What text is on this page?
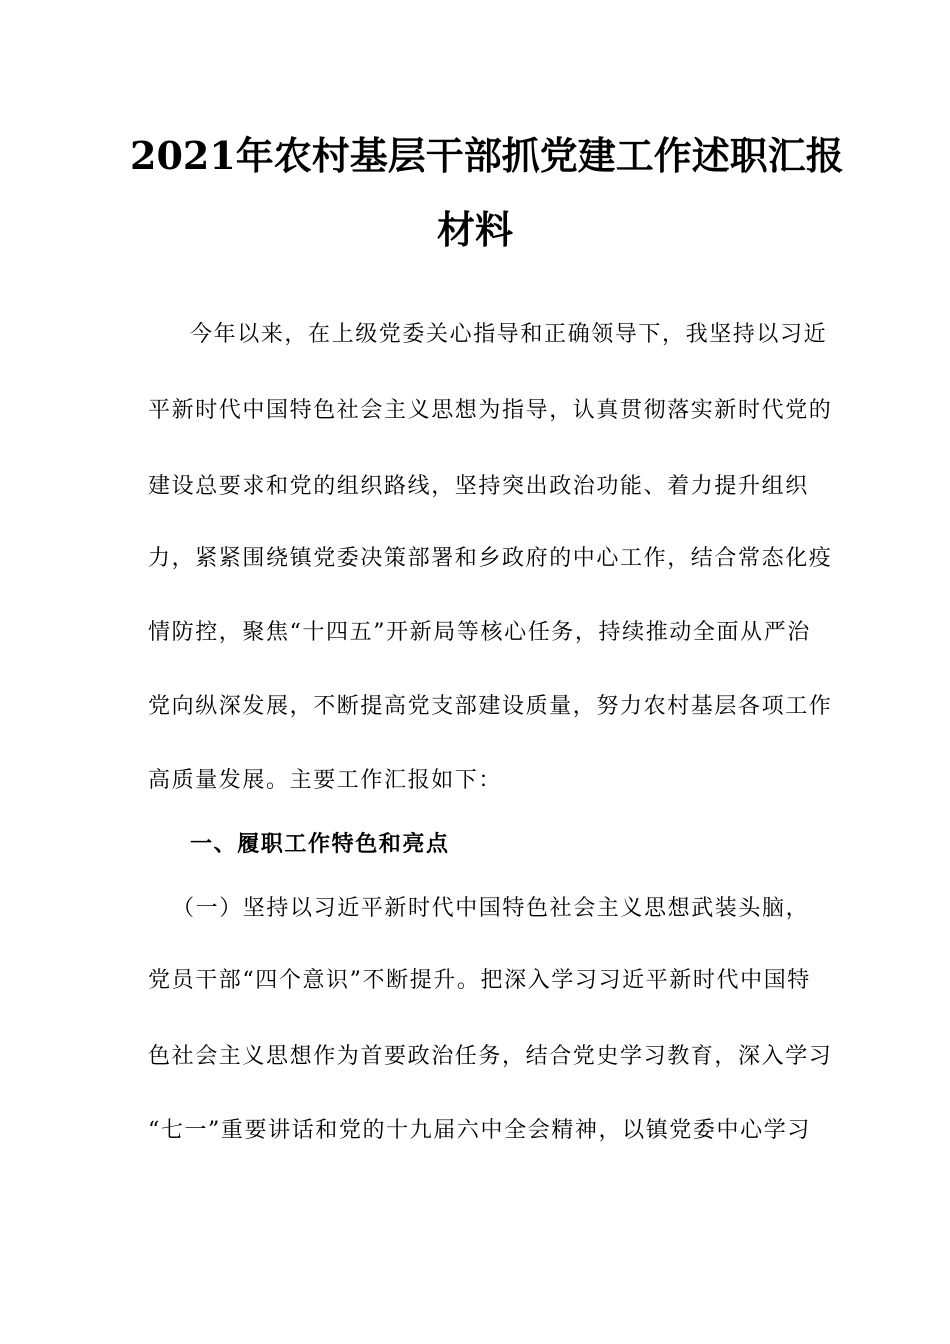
2021年农村基层干部抓党建工作述职汇报
材料
今年以来，在上级党委关心指导和正确领导下，我坚持以习近
平新时代中国特色社会主义思想为指导，认真贯彻落实新时代党的
建设总要求和党的组织路线，坚持突出政治功能、着力提升组织
力，紧紧围绕镇党委决策部署和乡政府的中心工作，结合常态化疫
情防控，聚焦“十四五”开新局等核心任务，持续推动全面从严治
党向纵深发展，不断提高党支部建设质量，努力农村基层各项工作
高质量发展。主要工作汇报如下：
一、履职工作特色和亮点
（一）坚持以习近平新时代中国特色社会主义思想武装头脑，
党员干部“四个意识”不断提升。把深入学习习近平新时代中国特
色社会主义思想作为首要政治任务，结合党史学习教育，深入学习
“七一”重要讲话和党的十九届六中全会精神，以镇党委中心学习
